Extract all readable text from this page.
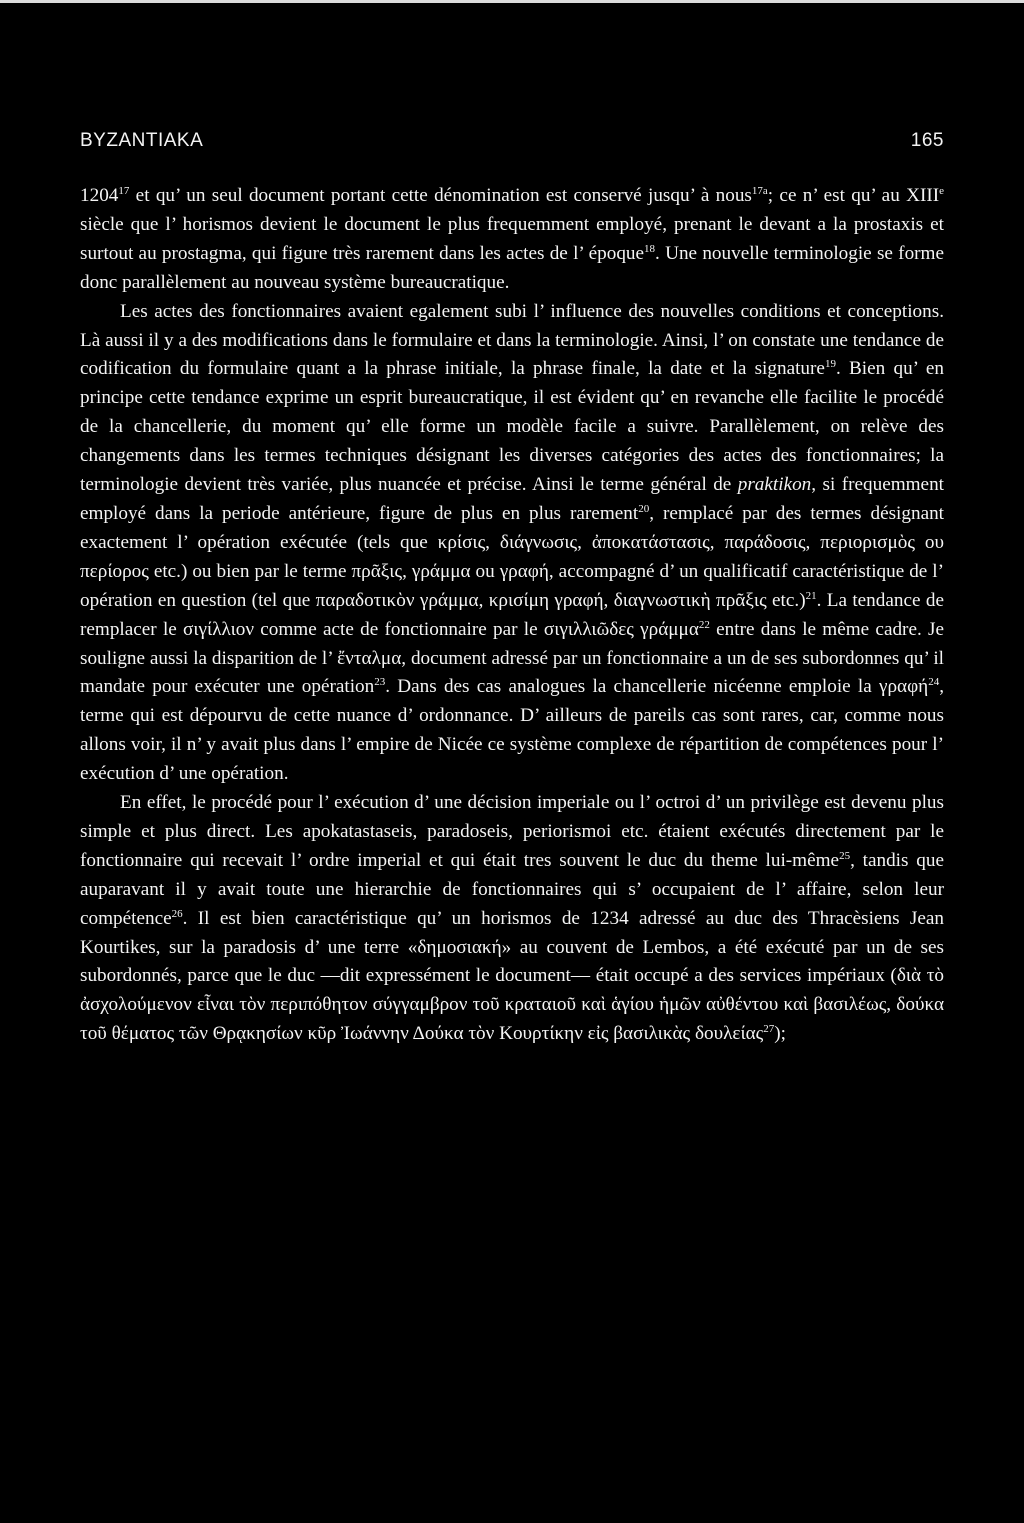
BYZANTIAKA	165

1204$^{17}$ et qu’ un seul document portant cette dénomination est conservé jusqu’ à nous$^{17a}$; ce n’ est qu’ au XIIIe siècle que l’ horismos devient le document le plus frequemment employé, prenant le devant a la prostaxis et surtout au prostagma, qui figure très rarement dans les actes de l’ époque$^{18}$. Une nouvelle terminologie se forme donc parallèlement au nouveau système bureaucratique.

Les actes des fonctionnaires avaient egalement subi l’ influence des nouvelles conditions et conceptions. Là aussi il y a des modifications dans le formulaire et dans la terminologie. Ainsi, l’ on constate une tendance de codification du formulaire quant a la phrase initiale, la phrase finale, la date et la signature$^{19}$. Bien qu’ en principe cette tendance exprime un esprit bureaucratique, il est évident qu’ en revanche elle facilite le procédé de la chancellerie, du moment qu’ elle forme un modèle facile a suivre. Parallèlement, on relève des changements dans les termes techniques désignant les diverses catégories des actes des fonctionnaires; la terminologie devient très variée, plus nuancée et précise. Ainsi le terme général de praktikon, si frequemment employé dans la periode antérieure, figure de plus en plus rarement$^{20}$, remplacé par des termes désignant exactement l’ opération exécutée (tels que κρίσις, διάγνωσις, ἀποκατάστασις, παράδοσις, περιορισμὸς ου περίορος etc.) ou bien par le terme πρᾶξις, γράμμα ou γραφή, accompagné d’ un qualificatif caractéristique de l’ opération en question (tel que παραδοτικὸν γράμμα, κρισίμη γραφή, διαγνωστικὴ πρᾶξις etc.)$^{21}$. La tendance de remplacer le σιγίλλιον comme acte de fonctionnaire par le σιγιλλιῶδες γράμμα$^{22}$ entre dans le même cadre. Je souligne aussi la disparition de l’ ἔνταλμα, document adressé par un fonctionnaire a un de ses subordonnes qu’ il mandate pour exécuter une opération$^{23}$. Dans des cas analogues la chancellerie nicéenne emploie la γραφή$^{24}$, terme qui est dépourvu de cette nuance d’ ordonnance. D’ ailleurs de pareils cas sont rares, car, comme nous allons voir, il n’ y avait plus dans l’ empire de Nicée ce système complexe de répartition de compétences pour l’ exécution d’ une opération.

En effet, le procédé pour l’ exécution d’ une décision imperiale ou l’ octroi d’ un privilège est devenu plus simple et plus direct. Les apokatastaseis, paradoseis, periorismoi etc. étaient exécutés directement par le fonctionnaire qui recevait l’ ordre imperial et qui était tres souvent le duc du theme lui-même$^{25}$, tandis que auparavant il y avait toute une hierarchie de fonctionnaires qui s’ occupaient de l’ affaire, selon leur compétence$^{26}$. Il est bien caractéristique qu’ un horismos de 1234 adressé au duc des Thracèsiens Jean Kourtikes, sur la paradosis d’ une terre «δημοσιακή» au couvent de Lembos, a été exécuté par un de ses subordonnés, parce que le duc —dit expressément le document— était occupé a des services impériaux (διὰ τὸ ἀσχολούμενον εἶναι τὸν περιπόθητον σύγγαμβρον τοῦ κραταιοῦ καὶ ἁγίου ἡμῶν αὐθέντου καὶ βασιλέως, δούκα τοῦ θέματος τῶν Θρᾳκησίων κῦρ Ἰωάννην Δούκα τὸν Κουρτίκην εἰς βασιλικὰς δουλείας$^{27}$);
